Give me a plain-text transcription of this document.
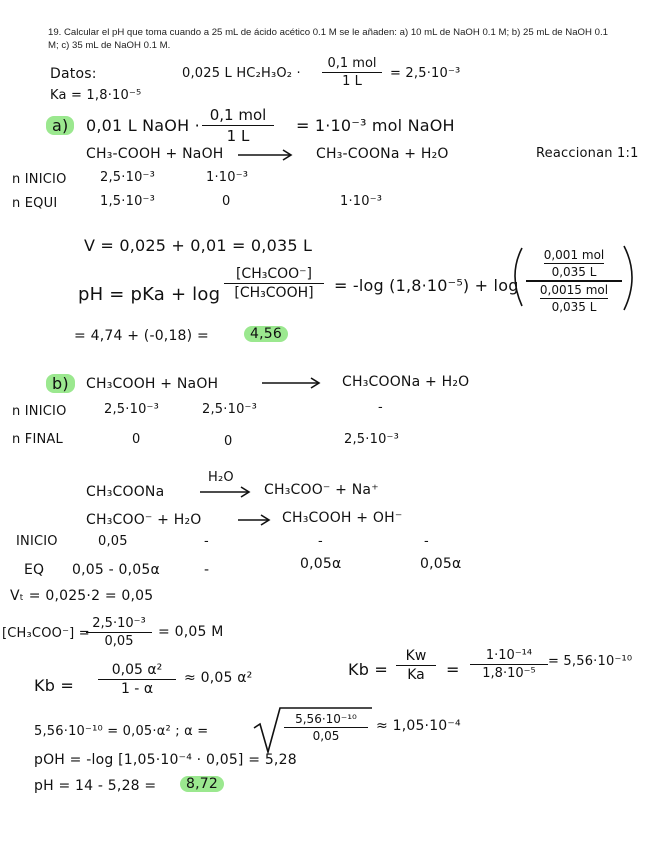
19. Calcular el pH que toma cuando a 25 mL de ácido acético 0.1 M se le añaden: a) 10 mL de NaOH 0.1 M; b) 25 mL de NaOH 0.1 M; c) 35 mL de NaOH 0.1 M.
Datos:
Ka = 1,8·10⁻⁵
0,025 L HC₂H₃O₂ ·
0,1 mol
1 L
= 2,5·10⁻³
a)	0,01 L NaOH ·
0,1 mol
1 L
= 1·10⁻³ mol NaOH
CH₃-COOH + NaOH	CH₃-COONa + H₂O	Reaccionan 1:1
n INICIO	2,5·10⁻³	1·10⁻³
n EQUI	1,5·10⁻³	0	1·10⁻³
V = 0,025 + 0,01 = 0,035 L
pH = pKa + log
[CH₃COO⁻]
[CH₃COOH]	= -log (1,8·10⁻⁵) + log
$\frac{\text{0,001 mol}}{0,035 L}$
$\frac{\text{0,0015 mol}}{0,035 L}$
= 4,74 + (-0,18) =	4,56
b)	CH₃COOH + NaOH	CH₃COONa + H₂O
n INICIO	2,5·10⁻³	2,5·10⁻³	-
n FINAL	0	0	2,5·10⁻³
CH₃COONa
H₂O
CH₃COO⁻ + Na⁺
CH₃COO⁻ + H₂O	CH₃COOH + OH⁻
INICIO	0,05	-	-	-
EQ 0,05 - 0,05α	-	0,05α	0,05α
Vₜ = 0,025·2 = 0,05
[CH₃COO⁻] =
2,5·10⁻³
0,05
= 0,05 M
Kb =
0,05 α²
1 - α
≈ 0,05 α²	Kb =
Kw
Ka	=
1·10⁻¹⁴
1,8·10⁻⁵
= 5,56·10⁻¹⁰
5,56·10⁻¹⁰ = 0,05·α² ; α =
5,56·10⁻¹⁰
0,05
≈ 1,05·10⁻⁴
pOH = -log [1,05·10⁻⁴ · 0,05] = 5,28
pH = 14 - 5,28 =	8,72
